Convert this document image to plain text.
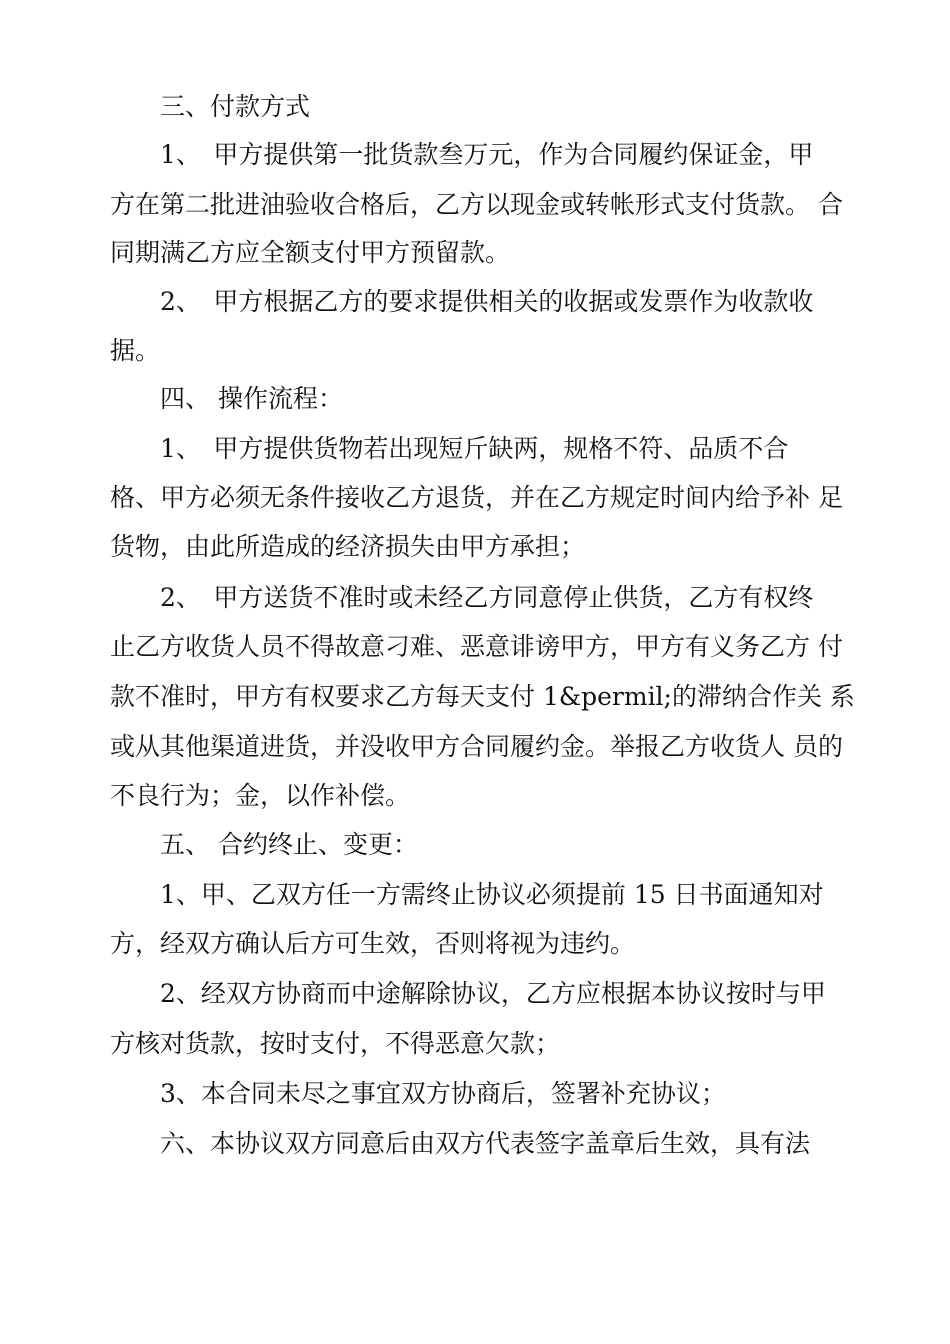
三、付款方式
1、　甲方提供第一批货款叁万元，作为合同履约保证金，甲
方在第二批进油验收合格后，乙方以现金或转帐形式支付货款。 合
同期满乙方应全额支付甲方预留款。
2、　甲方根据乙方的要求提供相关的收据或发票作为收款收
据。
四、 操作流程：
1、　甲方提供货物若出现短斤缺两，规格不符、品质不合
格、甲方必须无条件接收乙方退货，并在乙方规定时间内给予补 足
货物，由此所造成的经济损失由甲方承担；
2、　甲方送货不准时或未经乙方同意停止供货，乙方有权终
止乙方收货人员不得故意刁难、恶意诽谤甲方，甲方有义务乙方 付
款不准时，甲方有权要求乙方每天支付 1&permil;的滞纳合作关 系
或从其他渠道进货，并没收甲方合同履约金。举报乙方收货人 员的
不良行为；金，以作补偿。
五、 合约终止、变更：
1、甲、乙双方任一方需终止协议必须提前 15 日书面通知对
方，经双方确认后方可生效，否则将视为违约。
2、经双方协商而中途解除协议，乙方应根据本协议按时与甲
方核对货款，按时支付，不得恶意欠款；
3、本合同未尽之事宜双方协商后，签署补充协议；
六、本协议双方同意后由双方代表签字盖章后生效，具有法
